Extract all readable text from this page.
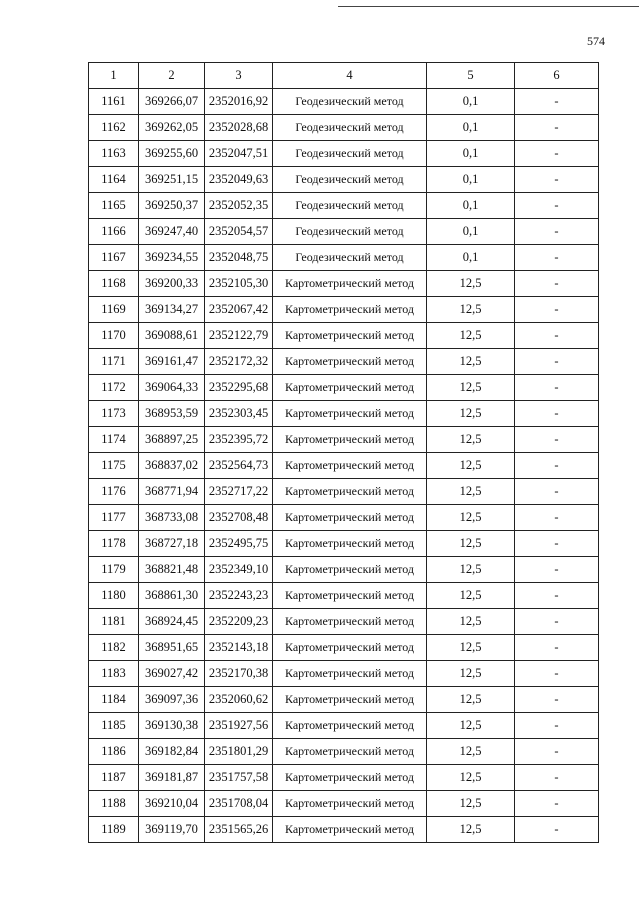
574
1	2	3	4	5	6
1161	369266,07	2352016,92	Геодезический метод	0,1	-
1162	369262,05	2352028,68	Геодезический метод	0,1	-
1163	369255,60	2352047,51	Геодезический метод	0,1	-
1164	369251,15	2352049,63	Геодезический метод	0,1	-
1165	369250,37	2352052,35	Геодезический метод	0,1	-
1166	369247,40	2352054,57	Геодезический метод	0,1	-
1167	369234,55	2352048,75	Геодезический метод	0,1	-
1168	369200,33	2352105,30	Картометрический метод	12,5	-
1169	369134,27	2352067,42	Картометрический метод	12,5	-
1170	369088,61	2352122,79	Картометрический метод	12,5	-
1171	369161,47	2352172,32	Картометрический метод	12,5	-
1172	369064,33	2352295,68	Картометрический метод	12,5	-
1173	368953,59	2352303,45	Картометрический метод	12,5	-
1174	368897,25	2352395,72	Картометрический метод	12,5	-
1175	368837,02	2352564,73	Картометрический метод	12,5	-
1176	368771,94	2352717,22	Картометрический метод	12,5	-
1177	368733,08	2352708,48	Картометрический метод	12,5	-
1178	368727,18	2352495,75	Картометрический метод	12,5	-
1179	368821,48	2352349,10	Картометрический метод	12,5	-
1180	368861,30	2352243,23	Картометрический метод	12,5	-
1181	368924,45	2352209,23	Картометрический метод	12,5	-
1182	368951,65	2352143,18	Картометрический метод	12,5	-
1183	369027,42	2352170,38	Картометрический метод	12,5	-
1184	369097,36	2352060,62	Картометрический метод	12,5	-
1185	369130,38	2351927,56	Картометрический метод	12,5	-
1186	369182,84	2351801,29	Картометрический метод	12,5	-
1187	369181,87	2351757,58	Картометрический метод	12,5	-
1188	369210,04	2351708,04	Картометрический метод	12,5	-
1189	369119,70	2351565,26	Картометрический метод	12,5	-
